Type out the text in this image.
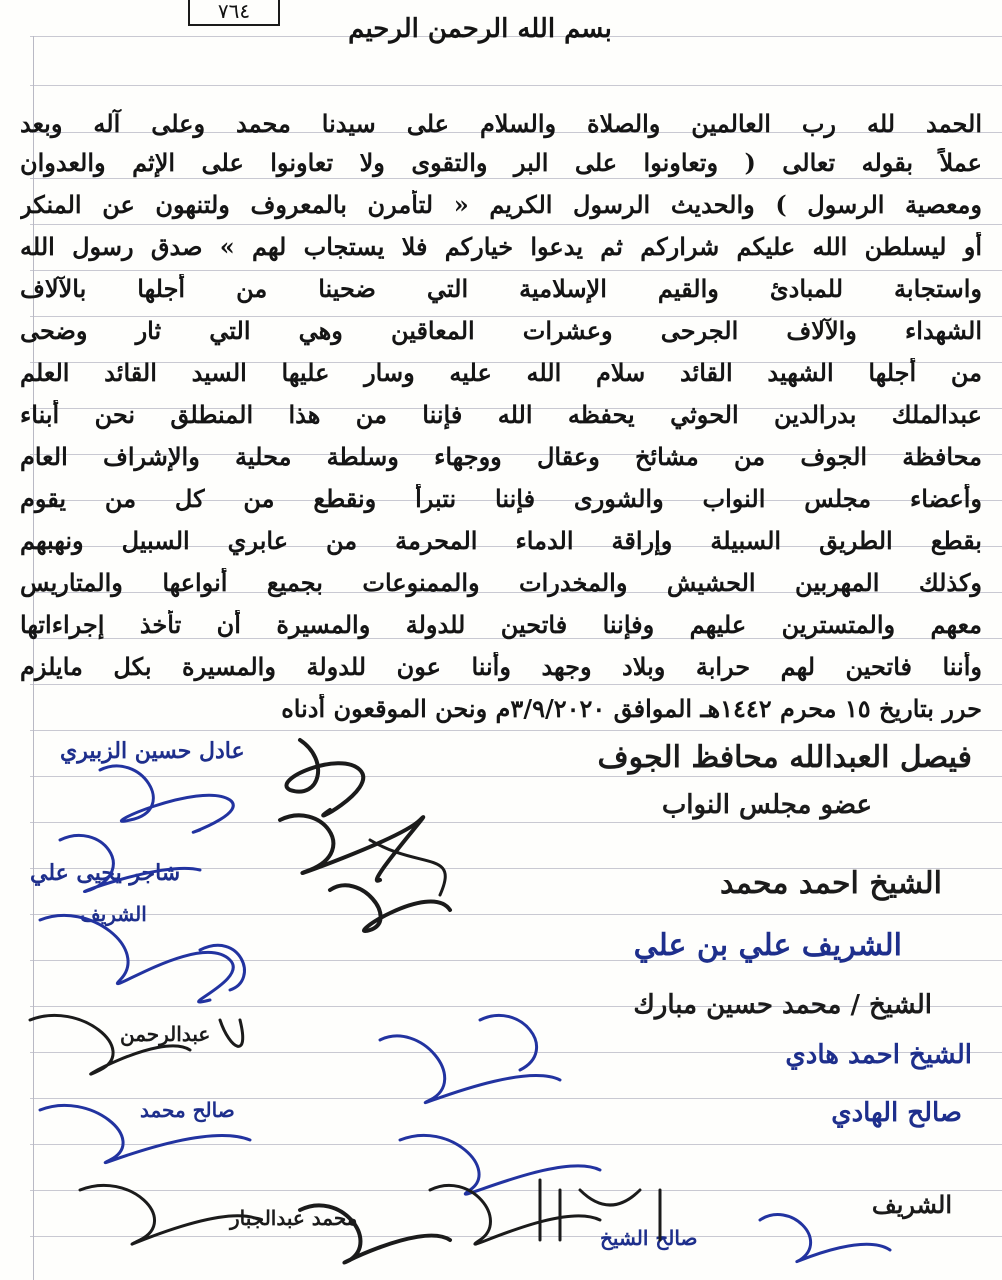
٧٦٤
بسم الله الرحمن الرحيم
الحمد لله رب العالمين والصلاة والسلام على سيدنا محمد وعلى آله وبعد
عملاً بقوله تعالى ( وتعاونوا على البر والتقوى ولا تعاونوا على الإثم والعدوان
ومعصية الرسول ) والحديث الرسول الكريم « لتأمرن بالمعروف ولتنهون عن المنكر
أو ليسلطن الله عليكم شراركم ثم يدعوا خياركم فلا يستجاب لهم » صدق رسول الله
واستجابة للمبادئ والقيم الإسلامية التي ضحينا من أجلها بالآلاف
الشهداء والآلاف الجرحى وعشرات المعاقين وهي التي ثار وضحى
من أجلها الشهيد القائد سلام الله عليه وسار عليها السيد القائد العلم
عبدالملك بدرالدين الحوثي يحفظه الله فإننا من هذا المنطلق نحن أبناء
محافظة الجوف من مشائخ وعقال ووجهاء وسلطة محلية والإشراف العام
وأعضاء مجلس النواب والشورى فإننا نتبرأ ونقطع من كل من يقوم
بقطع الطريق السبيلة وإراقة الدماء المحرمة من عابري السبيل ونهبهم
وكذلك المهربين الحشيش والمخدرات والممنوعات بجميع أنواعها والمتاريس
معهم والمتسترين عليهم وفإننا فاتحين للدولة والمسيرة أن تأخذ إجراءاتها
وأننا فاتحين لهم حرابة وبلاد وجهد وأننا عون للدولة والمسيرة بكل مايلزم
حرر بتاريخ ١٥ محرم ١٤٤٢هـ الموافق ٣/٩/٢٠٢٠م ونحن الموقعون أدناه
فيصل العبدالله محافظ الجوف
عضو مجلس النواب
الشيخ احمد محمد
الشريف علي بن علي
الشيخ / محمد حسين مبارك
الشيخ احمد هادي
صالح الهادي
الشريف
عادل حسين الزبيري
شاجر يحيى علي
الشريف
عبدالرحمن
صالح محمد
محمد عبدالجبار
صالح الشيخ
